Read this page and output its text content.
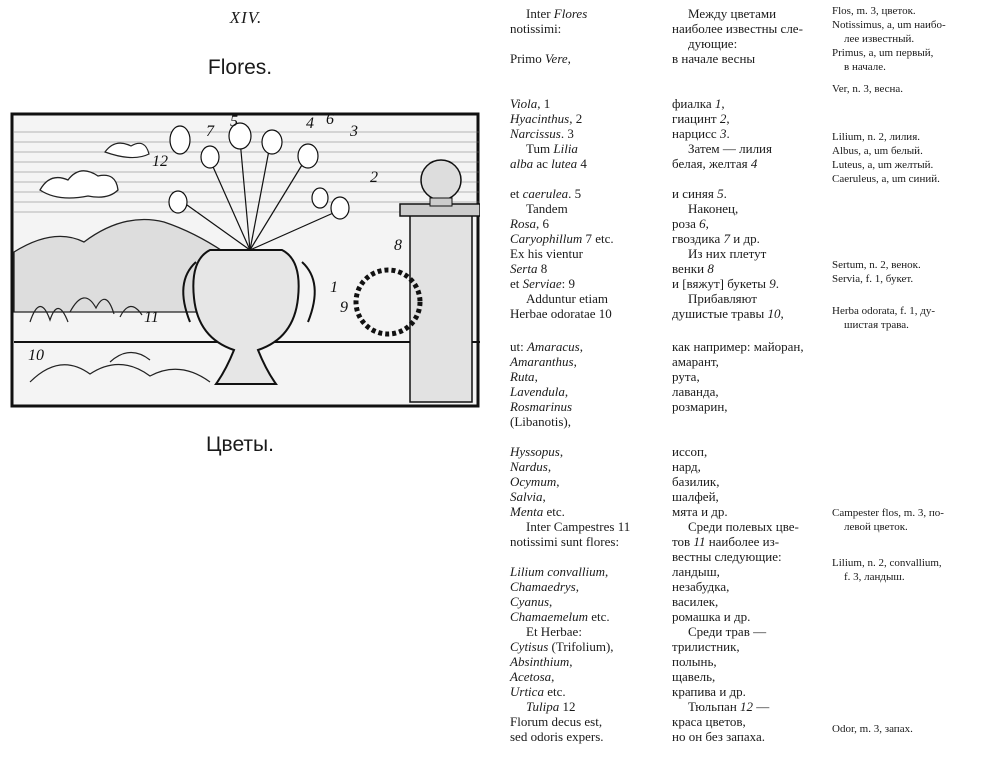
XIV.
Flores.
1
2
3
4
5	6
7
8
9
10
11
12
Цветы.
Inter Flores
notissimi:
Primo Vere,
Viola, 1
Hyacinthus, 2
Narcissus. 3
Tum Lilia
alba ac lutea 4
et caerulea. 5
Tandem
Rosa, 6
Caryophillum 7 etc.
Ex his vientur
Serta 8
et Serviae: 9
Adduntur etiam
Herbae odoratae 10
ut: Amaracus,
Amaranthus,
Ruta,
Lavendula,
Rosmarinus
(Libanotis),
Hyssopus,
Nardus,
Ocymum,
Salvia,
Menta etc.
Inter Campestres 11
notissimi sunt flores:
Lilium convallium,
Chamaedrys,
Cyanus,
Chamaemelum etc.
Et Herbae:
Cytisus (Trifolium),
Absinthium,
Acetosa,
Urtica etc.
Tulipa 12
Florum decus est,
sed odoris expers.
Между цветами
наиболее известны сле-
дующие:
в начале весны
фиалка 1,
гиацинт 2,
нарцисс 3.
Затем — лилия
белая, желтая 4
и синяя 5.
Наконец,
роза 6,
гвоздика 7 и др.
Из них плетут
венки 8
и [вяжут] букеты 9.
Прибавляют
душистые травы 10,
как например: майоран,
амарант,
рута,
лаванда,
розмарин,
иссоп,
нард,
базилик,
шалфей,
мята и др.
Среди полевых цве-
тов 11 наиболее из-
вестны следующие:
ландыш,
незабудка,
василек,
ромашка и др.
Среди трав —
трилистник,
полынь,
щавель,
крапива и др.
Тюльпан 12 —
краса цветов,
но он без запаха.
Flos, m. 3, цветок.
Notissimus, a, um наибо-
лее известный.
Primus, a, um первый,
в начале.
Ver, n. 3, весна.
Lilium, n. 2, лилия.
Albus, a, um белый.
Luteus, a, um желтый.
Caeruleus, a, um синий.
Sertum, n. 2, венок.
Servia, f. 1, букет.
Herba odorata, f. 1, ду-
шистая трава.
Campester flos, m. 3, по-
левой цветок.
Lilium, n. 2, convallium,
f. 3, ландыш.
Odor, m. 3, запах.
